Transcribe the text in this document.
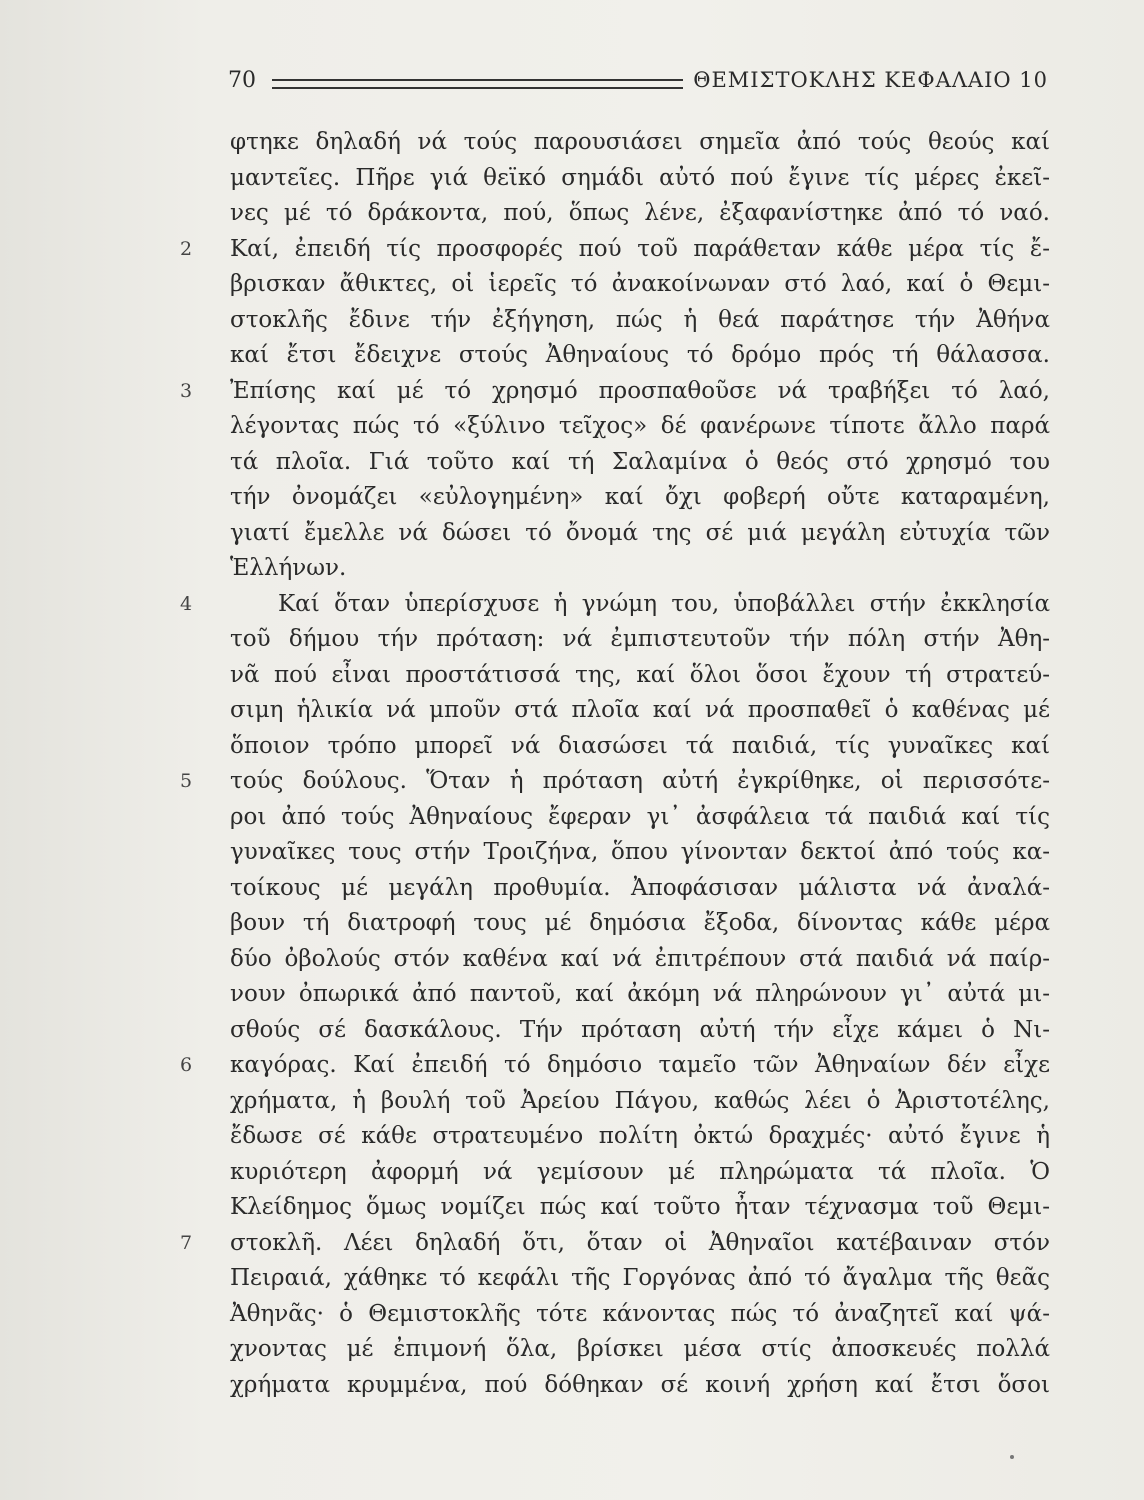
70	ΘΕΜΙΣΤΟΚΛΗΣ ΚΕΦΑΛΑΙΟ 10
φτηκε δηλαδή νά τούς παρουσιάσει σημεῖα ἀπό τούς θεούς καί
μαντεῖες. Πῆρε γιά θεϊκό σημάδι αὐτό πού ἔγινε τίς μέρες ἐκεῖ-
νες μέ τό δράκοντα, πού, ὅπως λένε, ἐξαφανίστηκε ἀπό τό ναό.
2 Καί, ἐπειδή τίς προσφορές πού τοῦ παράθεταν κάθε μέρα τίς ἔ-
βρισκαν ἄθικτες, οἱ ἱερεῖς τό ἀνακοίνωναν στό λαό, καί ὁ Θεμι-
στοκλῆς ἔδινε τήν ἐξήγηση, πώς ἡ θεά παράτησε τήν Ἀθήνα
καί ἔτσι ἔδειχνε στούς Ἀθηναίους τό δρόμο πρός τή θάλασσα.
3 Ἐπίσης καί μέ τό χρησμό προσπαθοῦσε νά τραβήξει τό λαό,
λέγοντας πώς τό «ξύλινο τεῖχος» δέ φανέρωνε τίποτε ἄλλο παρά
τά πλοῖα. Γιά τοῦτο καί τή Σαλαμίνα ὁ θεός στό χρησμό του
τήν ὀνομάζει «εὐλογημένη» καί ὄχι φοβερή οὔτε καταραμένη,
γιατί ἔμελλε νά δώσει τό ὄνομά της σέ μιά μεγάλη εὐτυχία τῶν
Ἑλλήνων.
4	Καί ὅταν ὑπερίσχυσε ἡ γνώμη του, ὑποβάλλει στήν ἐκκλησία
τοῦ δήμου τήν πρόταση: νά ἐμπιστευτοῦν τήν πόλη στήν Ἀθη-
νᾶ πού εἶναι προστάτισσά της, καί ὅλοι ὅσοι ἔχουν τή στρατεύ-
σιμη ἡλικία νά μποῦν στά πλοῖα καί νά προσπαθεῖ ὁ καθένας μέ
ὅποιον τρόπο μπορεῖ νά διασώσει τά παιδιά, τίς γυναῖκες καί
5 τούς δούλους. Ὅταν ἡ πρόταση αὐτή ἐγκρίθηκε, οἱ περισσότε-
ροι ἀπό τούς Ἀθηναίους ἔφεραν γι᾿ ἀσφάλεια τά παιδιά καί τίς
γυναῖκες τους στήν Τροιζήνα, ὅπου γίνονταν δεκτοί ἀπό τούς κα-
τοίκους μέ μεγάλη προθυμία. Ἀποφάσισαν μάλιστα νά ἀναλά-
βουν τή διατροφή τους μέ δημόσια ἔξοδα, δίνοντας κάθε μέρα
δύο ὀβολούς στόν καθένα καί νά ἐπιτρέπουν στά παιδιά νά παίρ-
νουν ὀπωρικά ἀπό παντοῦ, καί ἀκόμη νά πληρώνουν γι᾿ αὐτά μι-
σθούς σέ δασκάλους. Τήν πρόταση αὐτή τήν εἶχε κάμει ὁ Νι-
6 καγόρας. Καί ἐπειδή τό δημόσιο ταμεῖο τῶν Ἀθηναίων δέν εἶχε
χρήματα, ἡ βουλή τοῦ Ἀρείου Πάγου, καθώς λέει ὁ Ἀριστοτέλης,
ἔδωσε σέ κάθε στρατευμένο πολίτη ὀκτώ δραχμές· αὐτό ἔγινε ἡ
κυριότερη ἀφορμή νά γεμίσουν μέ πληρώματα τά πλοῖα. Ὁ
Κλείδημος ὅμως νομίζει πώς καί τοῦτο ἦταν τέχνασμα τοῦ Θεμι-
7 στοκλῆ. Λέει δηλαδή ὅτι, ὅταν οἱ Ἀθηναῖοι κατέβαιναν στόν
Πειραιά, χάθηκε τό κεφάλι τῆς Γοργόνας ἀπό τό ἄγαλμα τῆς θεᾶς
Ἀθηνᾶς· ὁ Θεμιστοκλῆς τότε κάνοντας πώς τό ἀναζητεῖ καί ψά-
χνοντας μέ ἐπιμονή ὅλα, βρίσκει μέσα στίς ἀποσκευές πολλά
χρήματα κρυμμένα, πού δόθηκαν σέ κοινή χρήση καί ἔτσι ὅσοι
